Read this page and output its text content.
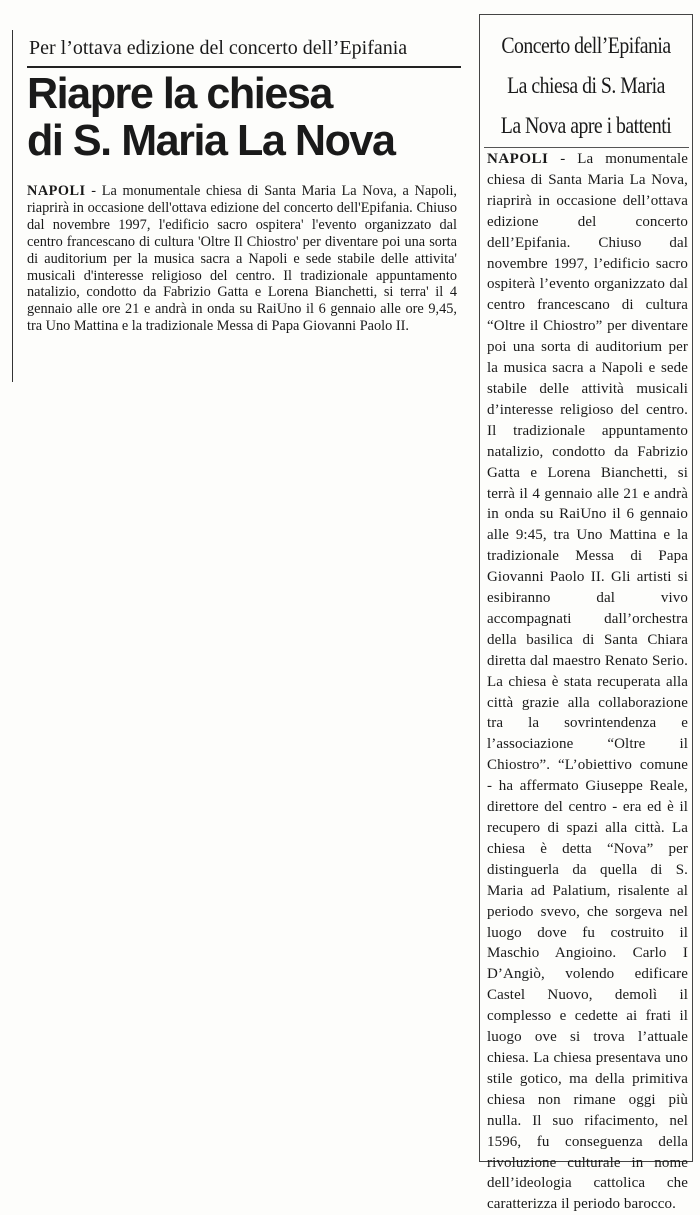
Per l’ottava edizione del concerto dell’Epifania
Riapre la chiesa
di S. Maria La Nova

NAPOLI - La monumentale chiesa di Santa Maria La Nova, a Napoli, riaprirà in occasione dell'ottava edizione del concerto dell'Epifania. Chiuso dal novembre 1997, l'edificio sacro ospitera' l'evento organizzato dal centro francescano di cultura 'Oltre Il Chiostro' per diventare poi una sorta di auditorium per la musica sacra a Napoli e sede stabile delle attivita' musicali d'interesse religioso del centro. Il tradizionale appuntamento natalizio, condotto da Fabrizio Gatta e Lorena Bianchetti, si terra' il 4 gennaio alle ore 21 e andrà in onda su RaiUno il 6 gennaio alle ore 9,45, tra Uno Mattina e la tradizionale Messa di Papa Giovanni Paolo II.

Concerto dell’Epifania
La chiesa di S. Maria
La Nova apre i battenti

NAPOLI - La monumentale chiesa di Santa Maria La Nova, riaprirà in occasione dell’ottava edizione del concerto dell’Epifania. Chiuso dal novembre 1997, l’edificio sacro ospiterà l’evento organizzato dal centro francescano di cultura “Oltre il Chiostro” per diventare poi una sorta di auditorium per la musica sacra a Napoli e sede stabile delle attività musicali d’interesse religioso del centro. Il tradizionale appuntamento natalizio, condotto da Fabrizio Gatta e Lorena Bianchetti, si terrà il 4 gennaio alle 21 e andrà in onda su RaiUno il 6 gennaio alle 9:45, tra Uno Mattina e la tradizionale Messa di Papa Giovanni Paolo II. Gli artisti si esibiranno dal vivo accompagnati dall’orchestra della basilica di Santa Chiara diretta dal maestro Renato Serio. La chiesa è stata recuperata alla città grazie alla collaborazione tra la sovrintendenza e l’associazione “Oltre il Chiostro”. “L’obiettivo comune - ha affermato Giuseppe Reale, direttore del centro - era ed è il recupero di spazi alla città. La chiesa è detta “Nova” per distinguerla da quella di S. Maria ad Palatium, risalente al periodo svevo, che sorgeva nel luogo dove fu costruito il Maschio Angioino. Carlo I D’Angiò, volendo edificare Castel Nuovo, demolì il complesso e cedette ai frati il luogo ove si trova l’attuale chiesa. La chiesa presentava uno stile gotico, ma della primitiva chiesa non rimane oggi più nulla. Il suo rifacimento, nel 1596, fu conseguenza della rivoluzione culturale in nome dell’ideologia cattolica che caratterizza il periodo barocco.
